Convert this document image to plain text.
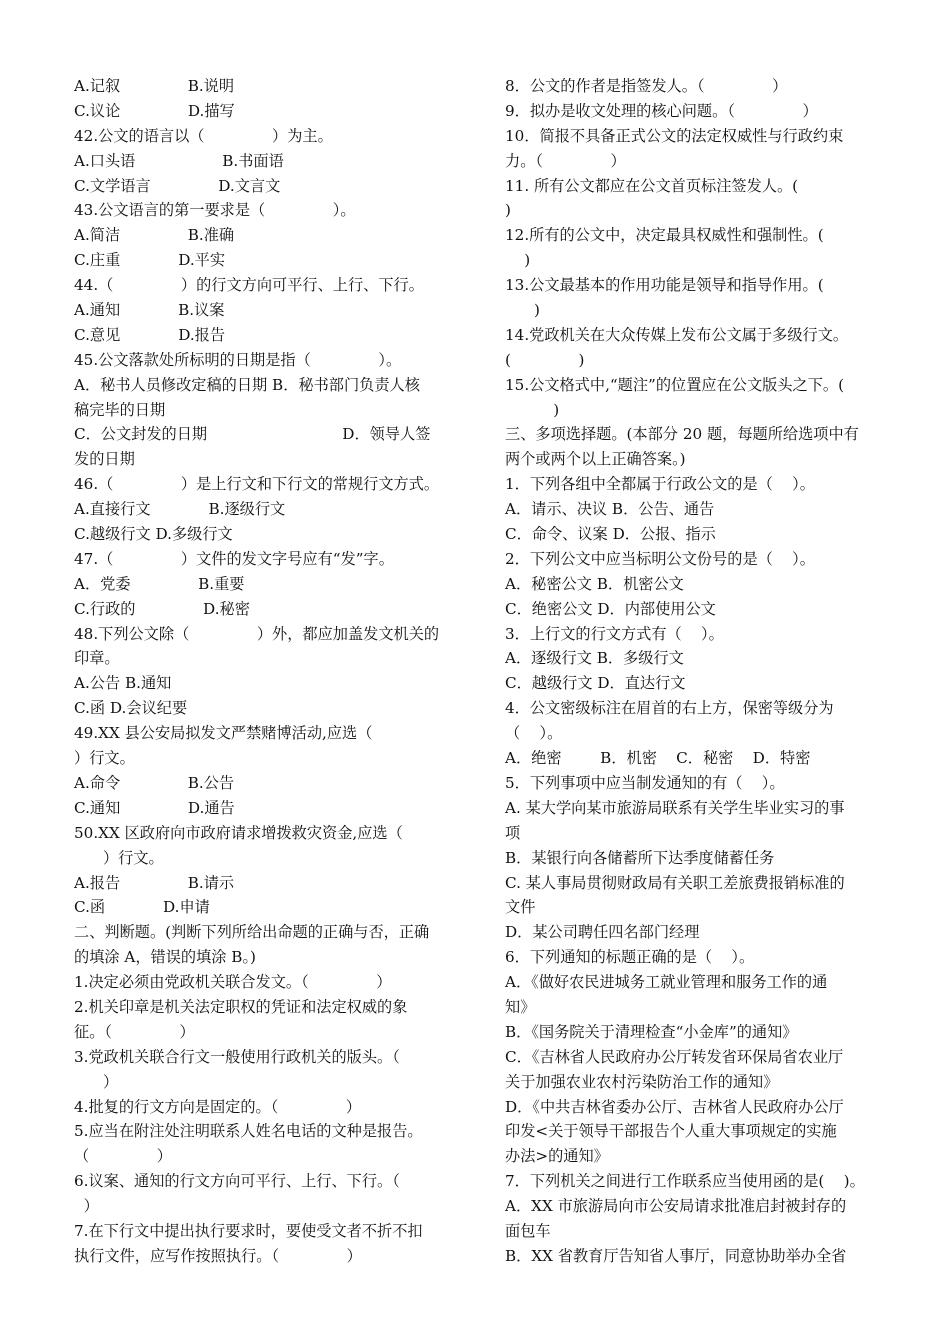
A.记叙              B.说明
C.议论              D.描写
42.公文的语言以（              ）为主。
A.口头语                  B.书面语
C.文学语言              D.文言文
43.公文语言的第一要求是（              ）。
A.简洁              B.准确
C.庄重            D.平实
44.（              ）的行文方向可平行、上行、下行。
A.通知            B.议案
C.意见            D.报告
45.公文落款处所标明的日期是指（              ）。
A．秘书人员修改定稿的日期 B．秘书部门负责人核
稿完毕的日期
C．公文封发的日期                            D．领导人签
发的日期
46.（              ）是上行文和下行文的常规行文方式。
A.直接行文            B.逐级行文
C.越级行文 D.多级行文
47.（              ）文件的发文字号应有“发”字。
A．党委              B.重要
C.行政的              D.秘密
48.下列公文除（              ）外，都应加盖发文机关的
印章。
A.公告 B.通知
C.函 D.会议纪要
49.XX 县公安局拟发文严禁赌博活动,应选（
）行文。
A.命令              B.公告
C.通知              D.通告
50.XX 区政府向市政府请求增拨救灾资金,应选（
）行文。
A.报告              B.请示
C.函            D.申请
二、判断题。(判断下列所给出命题的正确与否，正确
的填涂 A，错误的填涂 B。)
1.决定必须由党政机关联合发文。（              ）
2.机关印章是机关法定职权的凭证和法定权威的象
征。（              ）
3.党政机关联合行文一般使用行政机关的版头。（
）
4.批复的行文方向是固定的。（              ）
5.应当在附注处注明联系人姓名电话的文种是报告。
（              ）
6.议案、通知的行文方向可平行、上行、下行。（
）
7.在下行文中提出执行要求时，要使受文者不折不扣
执行文件，应写作按照执行。（              ）
8．公文的作者是指签发人。（              ）
9．拟办是收文处理的核心问题。（              ）
10．简报不具备正式公文的法定权威性与行政约束
力。（              ）
11. 所有公文都应在公文首页标注签发人。(
)
12.所有的公文中，决定最具权威性和强制性。(
)
13.公文最基本的作用功能是领导和指导作用。(
)
14.党政机关在大众传媒上发布公文属于多级行文。
(              )
15.公文格式中,“题注”的位置应在公文版头之下。(
)
三、多项选择题。(本部分 20 题，每题所给选项中有
两个或两个以上正确答案。)
1．下列各组中全都属于行政公文的是（    ）。
A．请示、决议 B．公告、通告
C．命令、议案 D．公报、指示
2．下列公文中应当标明公文份号的是（    ）。
A．秘密公文 B．机密公文
C．绝密公文 D．内部使用公文
3．上行文的行文方式有（    ）。
A．逐级行文 B．多级行文
C．越级行文 D．直达行文
4．公文密级标注在眉首的右上方，保密等级分为
（    ）。
A．绝密        B．机密    C．秘密    D．特密
5．下列事项中应当制发通知的有（    ）。
A. 某大学向某市旅游局联系有关学生毕业实习的事
项
B．某银行向各储蓄所下达季度储蓄任务
C. 某人事局贯彻财政局有关职工差旅费报销标准的
文件
D．某公司聘任四名部门经理
6．下列通知的标题正确的是（    ）。
A．《做好农民进城务工就业管理和服务工作的通
知》
B．《国务院关于清理检查“小金库”的通知》
C．《吉林省人民政府办公厅转发省环保局省农业厅
关于加强农业农村污染防治工作的通知》
D．《中共吉林省委办公厅、吉林省人民政府办公厅
印发<关于领导干部报告个人重大事项规定的实施
办法>的通知》
7．下列机关之间进行工作联系应当使用函的是(    )。
A．XX 市旅游局向市公安局请求批准启封被封存的
面包车
B．XX 省教育厅告知省人事厅，同意协助举办全省
